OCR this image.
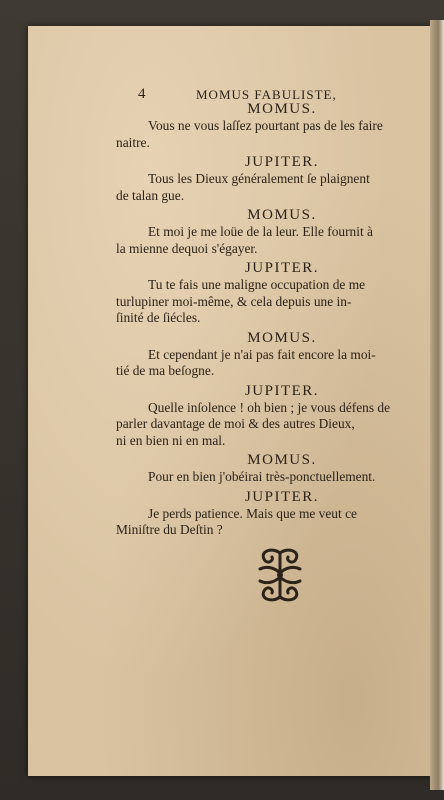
4	MOMUS FABULISTE,

MOMUS.

Vous ne vous laſſez pourtant pas de les faire
naitre.

JUPITER.

Tous les Dieux généralement ſe plaignent
de talan gue.

MOMUS.

Et moi je me loüe de la leur. Elle fournit à
la mienne dequoi s'égayer.

JUPITER.

Tu te fais une maligne occupation de me
turlupiner moi-même, & cela depuis une in-
ſinité de ſiécles.

MOMUS.

Et cependant je n'ai pas fait encore la moi-
tié de ma beſogne.

JUPITER.

Quelle inſolence ! oh bien ; je vous défens de
parler davantage de moi & des autres Dieux,
ni en bien ni en mal.

MOMUS.

Pour en bien j'obéirai très-ponctuellement.

JUPITER.

Je perds patience. Mais que me veut ce
Miniſtre du Deſtin ?
